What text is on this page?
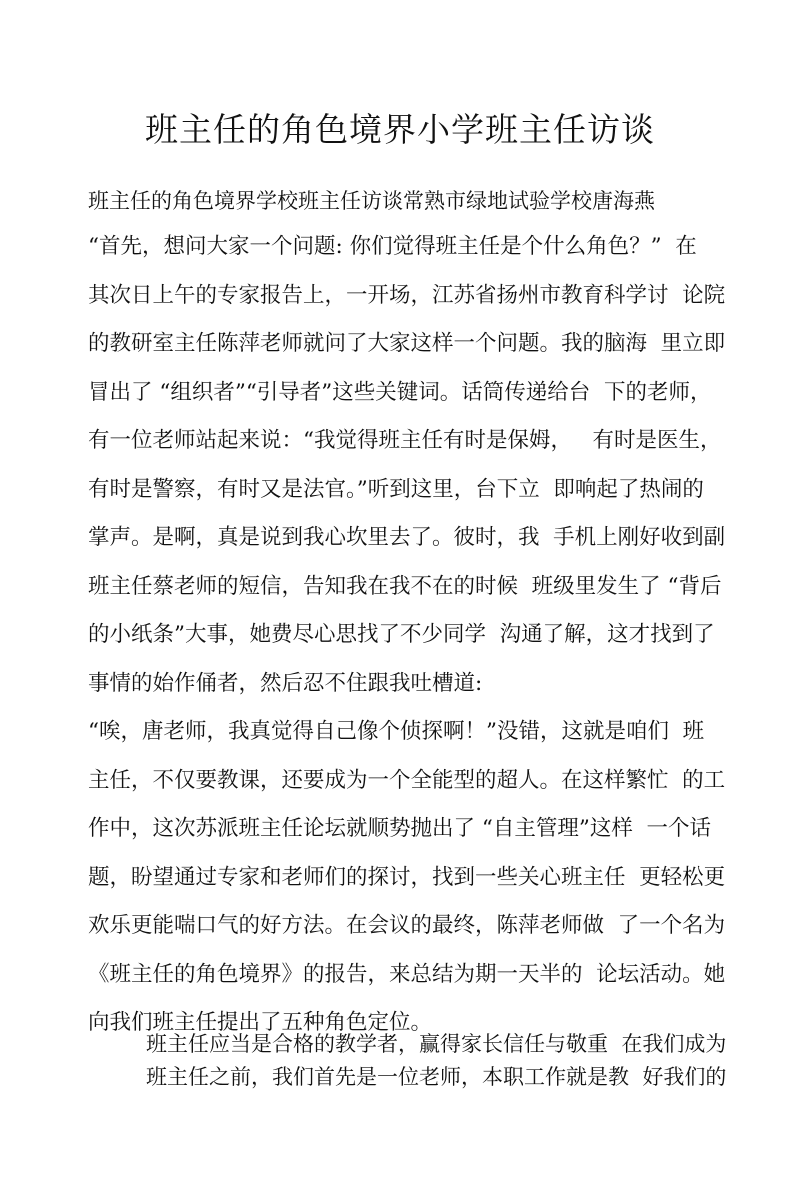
班主任的角色境界小学班主任访谈
班主任的角色境界学校班主任访谈常熟市绿地试验学校唐海燕
“首先，想问大家一个问题: 你们觉得班主任是个什么角色？”  在
其次日上午的专家报告上，一开场，江苏省扬州市教育科学讨  论院
的教研室主任陈萍老师就问了大家这样一个问题。我的脑海  里立即
冒出了 “组织者”“引导者”这些关键词。话筒传递给台  下的老师，
有一位老师站起来说：“我觉得班主任有时是保姆，   有时是医生，
有时是警察，有时又是法官。”听到这里，台下立  即响起了热闹的
掌声。是啊，真是说到我心坎里去了。彼时，我  手机上刚好收到副
班主任蔡老师的短信，告知我在我不在的时候  班级里发生了 “背后
的小纸条”大事，她费尽心思找了不少同学  沟通了解，这才找到了
事情的始作俑者，然后忍不住跟我吐槽道:
“唉，唐老师，我真觉得自己像个侦探啊！”没错，这就是咱们  班
主任，不仅要教课，还要成为一个全能型的超人。在这样繁忙  的工
作中，这次苏派班主任论坛就顺势抛出了 “自主管理”这样  一个话
题，盼望通过专家和老师们的探讨，找到一些关心班主任  更轻松更
欢乐更能喘口气的好方法。在会议的最终，陈萍老师做  了一个名为
《班主任的角色境界》的报告，来总结为期一天半的  论坛活动。她
向我们班主任提出了五种角色定位。
班主任应当是合格的教学者，赢得家长信任与敬重  在我们成为
班主任之前，我们首先是一位老师，本职工作就是教  好我们的
